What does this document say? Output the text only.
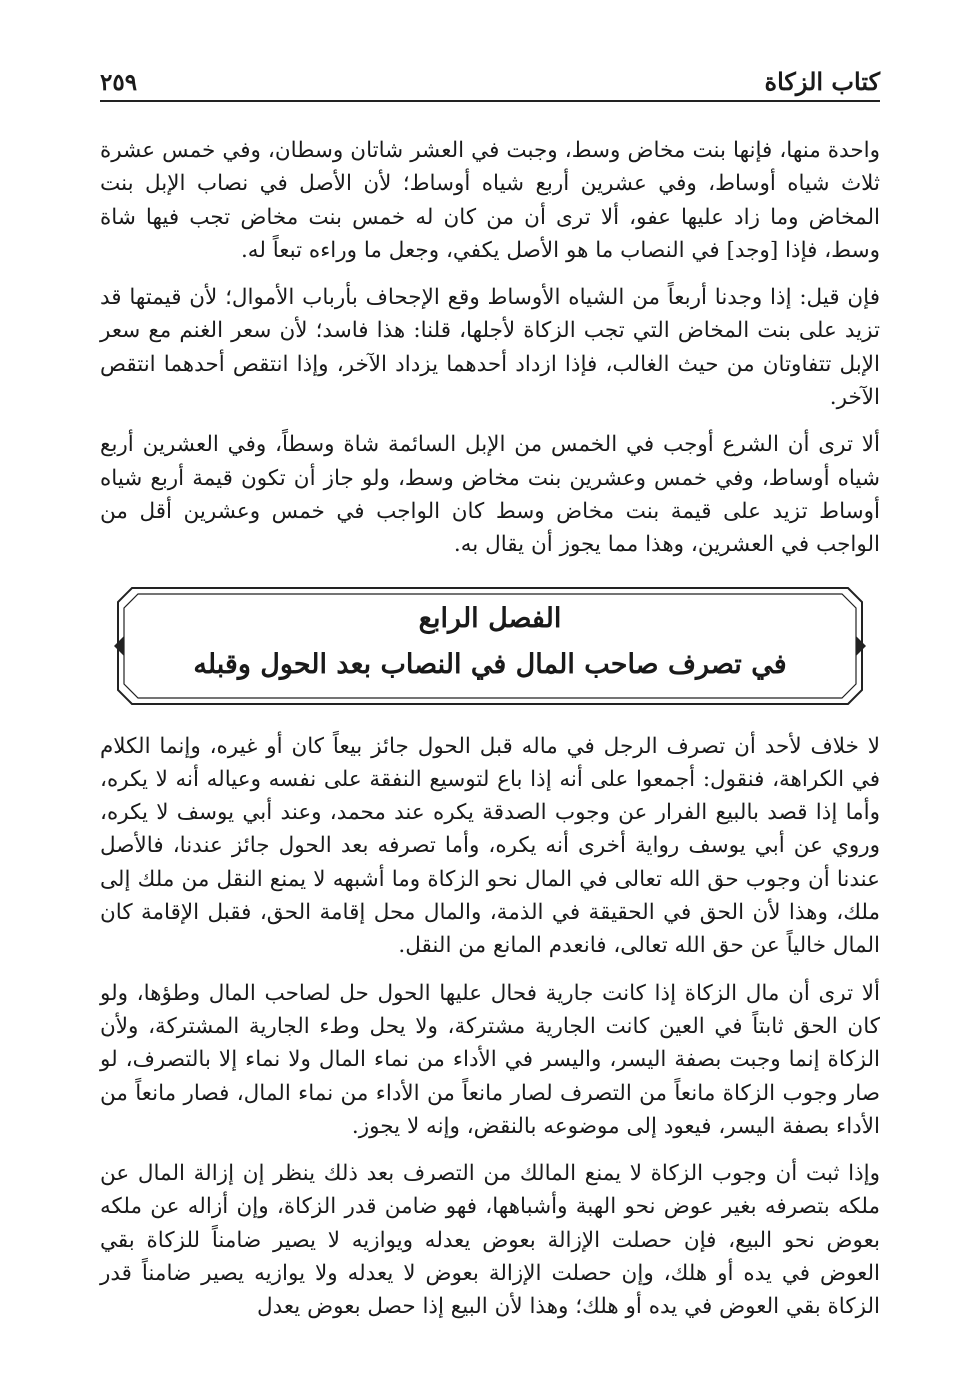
كتاب الزكاة
٢٥٩

واحدة منها، فإنها بنت مخاض وسط، وجبت في العشر شاتان وسطان، وفي خمس عشرة ثلاث شياه أوساط، وفي عشرين أربع شياه أوساط؛ لأن الأصل في نصاب الإبل بنت المخاض وما زاد عليها عفو، ألا ترى أن من كان له خمس بنت مخاض تجب فيها شاة وسط، فإذا [وجد] في النصاب ما هو الأصل يكفي، وجعل ما وراءه تبعاً له.

فإن قيل: إذا وجدنا أربعاً من الشياه الأوساط وقع الإجحاف بأرباب الأموال؛ لأن قيمتها قد تزيد على بنت المخاض التي تجب الزكاة لأجلها، قلنا: هذا فاسد؛ لأن سعر الغنم مع سعر الإبل تتفاوتان من حيث الغالب، فإذا ازداد أحدهما يزداد الآخر، وإذا انتقص أحدهما انتقص الآخر.

ألا ترى أن الشرع أوجب في الخمس من الإبل السائمة شاة وسطاً، وفي العشرين أربع شياه أوساط، وفي خمس وعشرين بنت مخاض وسط، ولو جاز أن تكون قيمة أربع شياه أوساط تزيد على قيمة بنت مخاض وسط كان الواجب في خمس وعشرين أقل من الواجب في العشرين، وهذا مما يجوز أن يقال به.

الفصل الرابع
في تصرف صاحب المال في النصاب بعد الحول وقبله

لا خلاف لأحد أن تصرف الرجل في ماله قبل الحول جائز بيعاً كان أو غيره، وإنما الكلام في الكراهة، فنقول: أجمعوا على أنه إذا باع لتوسيع النفقة على نفسه وعياله أنه لا يكره، وأما إذا قصد بالبيع الفرار عن وجوب الصدقة يكره عند محمد، وعند أبي يوسف لا يكره، وروي عن أبي يوسف رواية أخرى أنه يكره، وأما تصرفه بعد الحول جائز عندنا، فالأصل عندنا أن وجوب حق الله تعالى في المال نحو الزكاة وما أشبهه لا يمنع النقل من ملك إلى ملك، وهذا لأن الحق في الحقيقة في الذمة، والمال محل إقامة الحق، فقبل الإقامة كان المال خالياً عن حق الله تعالى، فانعدم المانع من النقل.

ألا ترى أن مال الزكاة إذا كانت جارية فحال عليها الحول حل لصاحب المال وطؤها، ولو كان الحق ثابتاً في العين كانت الجارية مشتركة، ولا يحل وطء الجارية المشتركة، ولأن الزكاة إنما وجبت بصفة اليسر، واليسر في الأداء من نماء المال ولا نماء إلا بالتصرف، لو صار وجوب الزكاة مانعاً من التصرف لصار مانعاً من الأداء من نماء المال، فصار مانعاً من الأداء بصفة اليسر، فيعود إلى موضوعه بالنقض، وإنه لا يجوز.

وإذا ثبت أن وجوب الزكاة لا يمنع المالك من التصرف بعد ذلك ينظر إن إزالة المال عن ملكه بتصرفه بغير عوض نحو الهبة وأشباهها، فهو ضامن قدر الزكاة، وإن أزاله عن ملكه بعوض نحو البيع، فإن حصلت الإزالة بعوض يعدله ويوازيه لا يصير ضامناً للزكاة بقي العوض في يده أو هلك، وإن حصلت الإزالة بعوض لا يعدله ولا يوازيه يصير ضامناً قدر الزكاة بقي العوض في يده أو هلك؛ وهذا لأن البيع إذا حصل بعوض يعدل
